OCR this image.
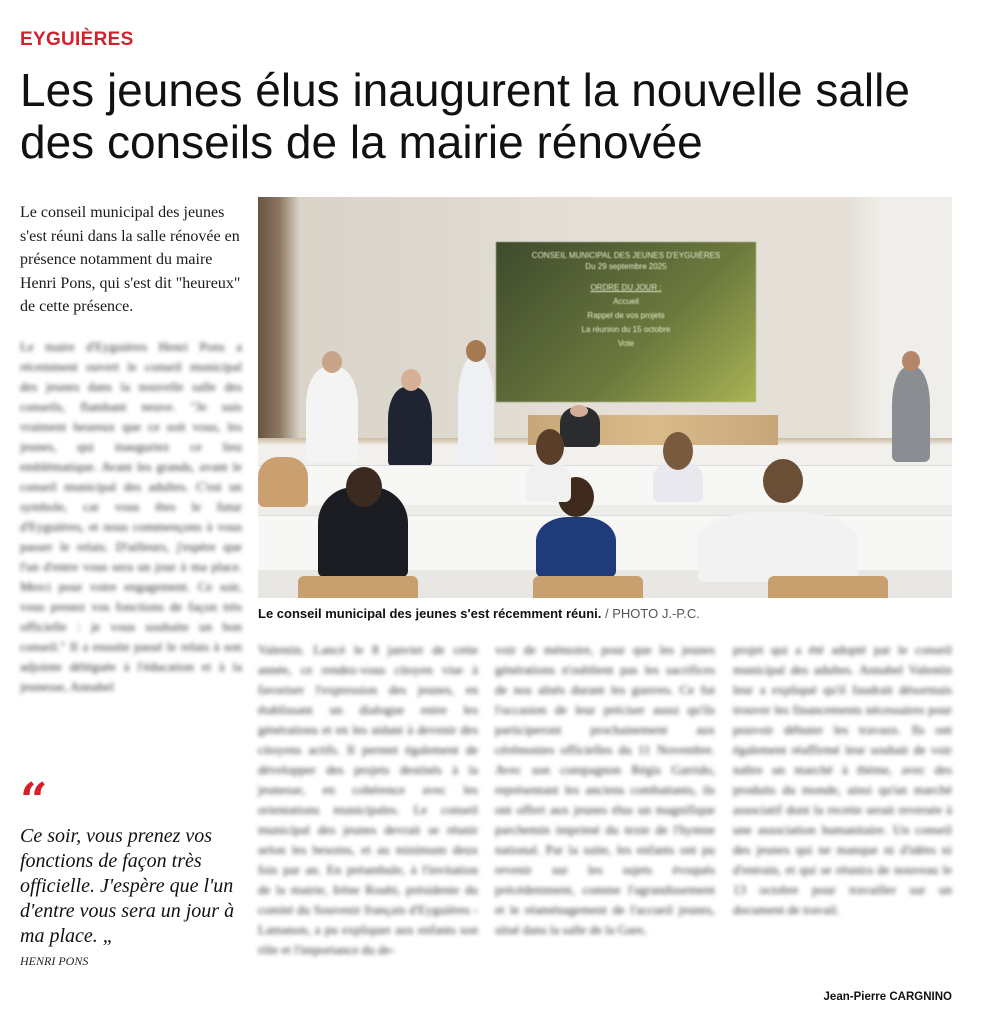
EYGUIÈRES
Les jeunes élus inaugurent la nouvelle salle des conseils de la mairie rénovée

Le conseil municipal des jeunes s'est réuni dans la salle rénovée en présence notamment du maire Henri Pons, qui s'est dit "heureux" de cette présence.

Le maire d'Eyguières Henri Pons a récemment ouvert le conseil municipal des jeunes dans la nouvelle salle des conseils, flambant neuve. "Je suis vraiment heureux que ce soit vous, les jeunes, qui inauguriez ce lieu emblématique. Avant les grands, avant le conseil municipal des adultes. C'est un symbole, car vous êtes le futur d'Eyguières, et nous commençons à vous passer le relais. D'ailleurs, j'espère que l'un d'entre vous sera un jour à ma place. Merci pour votre engagement. Ce soir, vous prenez vos fonctions de façon très officielle : je vous souhaite un bon conseil." Il a ensuite passé le relais à son adjointe déléguée à l'éducation et à la jeunesse, Annabel
CONSEIL MUNICIPAL DES JEUNES D'EYGUIÈRES
Du 29 septembre 2025
ORDRE DU JOUR :
Accueil
Rappel de vos projets
La réunion du 15 octobre
Vote
Le conseil municipal des jeunes s'est récemment réuni. / PHOTO J.-P.C.
Valentin. Lancé le 8 janvier de cette année, ce rendez-vous citoyen vise à favoriser l'expression des jeunes, en établissant un dialogue entre les générations et en les aidant à devenir des citoyens actifs. Il permet également de développer des projets destinés à la jeunesse, en cohérence avec les orientations municipales. Le conseil municipal des jeunes devrait se réunir selon les besoins, et au minimum deux fois par an. En préambule, à l'invitation de la mairie, Irène Roubi, présidente du comité du Souvenir français d'Eyguières - Lamanon, a pu expliquer aux enfants son rôle et l'importance du de-
voir de mémoire, pour que les jeunes générations n'oublient pas les sacrifices de nos aînés durant les guerres. Ce fut l'occasion de leur préciser aussi qu'ils participeront prochainement aux cérémonies officielles du 11 Novembre. Avec son compagnon Régis Garrido, représentant les anciens combattants, ils ont offert aux jeunes élus un magnifique parchemin imprimé du texte de l'hymne national. Par la suite, les enfants ont pu revenir sur les sujets évoqués précédemment, comme l'agrandissement et le réaménagement de l'accueil jeunes, situé dans la salle de la Gare,
projet qui a été adopté par le conseil municipal des adultes. Annabel Valentin leur a expliqué qu'il faudrait désormais trouver les financements nécessaires pour pouvoir débuter les travaux. Ils ont également réaffirmé leur souhait de voir naître un marché à thème, avec des produits du monde, ainsi qu'un marché associatif dont la recette serait reversée à une association humanitaire. Un conseil des jeunes qui ne manque ni d'idées ni d'entrain, et qui se réunira de nouveau le 13 octobre pour travailler sur un document de travail.
“
Ce soir, vous prenez vos fonctions de façon très officielle. J'espère que l'un d'entre vous sera un jour à ma place. „
HENRI PONS
Jean-Pierre CARGNINO
